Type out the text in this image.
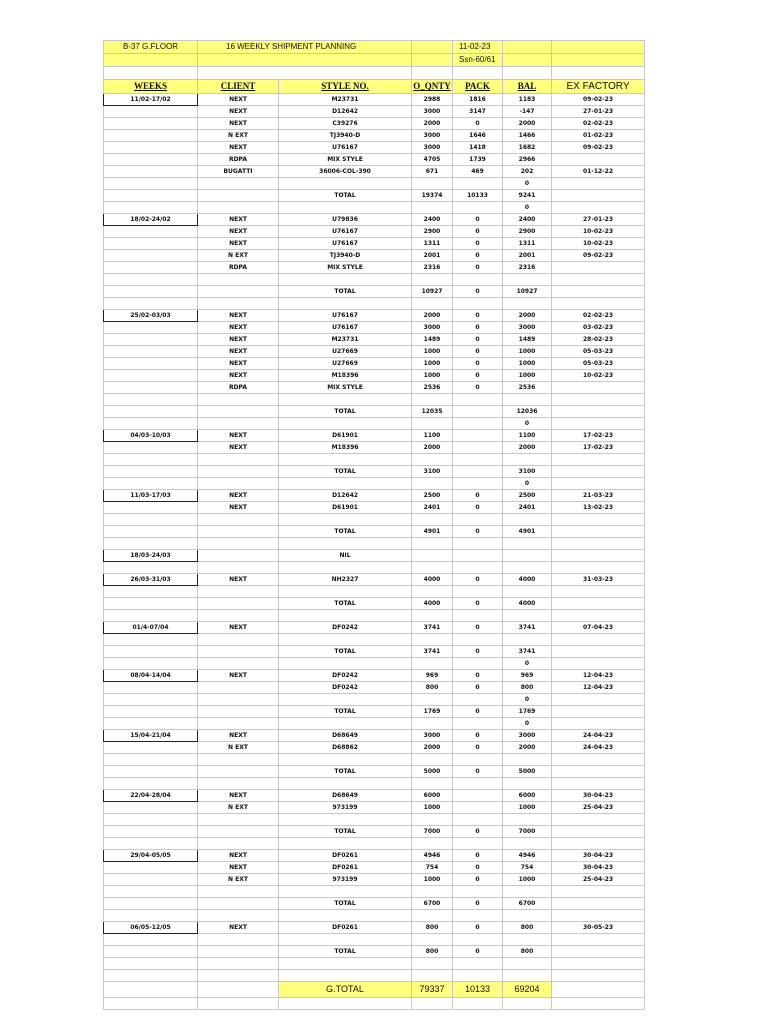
B-37 G.FLOOR	16 WEEKLY SHIPMENT PLANNING			11-02-23		
				Ssn-60/61		

WEEKS	CLIENT	STYLE NO.	O_QNTY	PACK	BAL	EX FACTORY
11/02-17/02	NEXT	M23731	2988	1816	1183	09-02-23
	NEXT	D12642	3000	3147	-147	27-01-23
	NEXT	C39276	2000	0	2000	02-02-23
	N EXT	TJ3940-D	3000	1646	1466	01-02-23
	NEXT	U76167	3000	1418	1682	09-02-23
	RDPA	MIX STYLE	4705	1739	2966	
	BUGATTI	36006-COL-390	671	469	202	01-12-22
					0	
		TOTAL	19374	10133	9241	
					0	
18/02-24/02	NEXT	U79836	2400	0	2400	27-01-23
	NEXT	U76167	2900	0	2900	10-02-23
	NEXT	U76167	1311	0	1311	10-02-23
	N EXT	TJ3940-D	2001	0	2001	09-02-23
	RDPA	MIX STYLE	2316	0	2316	

		TOTAL	10927	0	10927	

25/02-03/03	NEXT	U76167	2000	0	2000	02-02-23
	NEXT	U76167	3000	0	3000	03-02-23
	NEXT	M23731	1489	0	1489	28-02-23
	NEXT	U27669	1000	0	1000	05-03-23
	NEXT	U27669	1000	0	1000	05-03-23
	NEXT	M18396	1000	0	1000	10-02-23
	RDPA	MIX STYLE	2536	0	2536	

		TOTAL	12035		12036	
					0	
04/03-10/03	NEXT	D61901	1100		1100	17-02-23
	NEXT	M18396	2000		2000	17-02-23

		TOTAL	3100		3100	
					0	
11/03-17/03	NEXT	D12642	2500	0	2500	21-03-23
	NEXT	D61901	2401	0	2401	13-02-23

		TOTAL	4901	0	4901	

18/03-24/03		NIL				

26/03-31/03	NEXT	NH2327	4000	0	4000	31-03-23

		TOTAL	4000	0	4000	

01/4-07/04	NEXT	DF0242	3741	0	3741	07-04-23

		TOTAL	3741	0	3741	
					0	
08/04-14/04	NEXT	DF0242	969	0	969	12-04-23
		DF0242	800	0	800	12-04-23
					0	
		TOTAL	1769	0	1769	
					0	
15/04-21/04	NEXT	D68649	3000	0	3000	24-04-23
	N EXT	D68862	2000	0	2000	24-04-23

		TOTAL	5000	0	5000	

22/04-28/04	NEXT	D68649	6000		6000	30-04-23
	N EXT	973199	1000		1000	25-04-23

		TOTAL	7000	0	7000	

29/04-05/05	NEXT	DF0261	4946	0	4946	30-04-23
	NEXT	DF0261	754	0	754	30-04-23
	N EXT	973199	1000	0	1000	25-04-23

		TOTAL	6700	0	6700	

06/05-12/05	NEXT	DF0261	800	0	800	30-05-23

		TOTAL	800	0	800	

		G.TOTAL	79337	10133	69204	
